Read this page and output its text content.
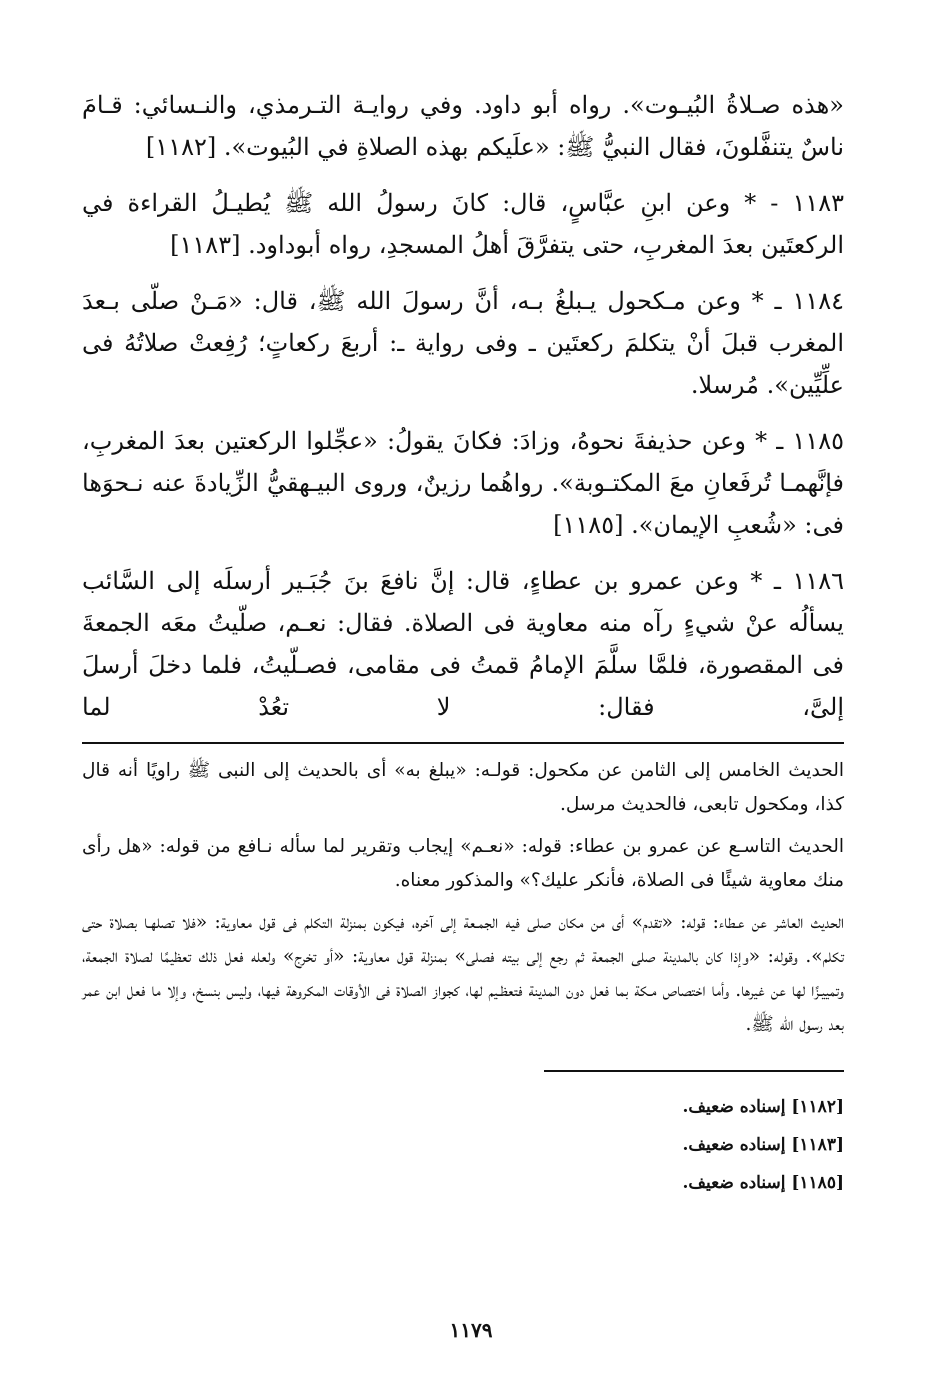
«هذه صـلاةُ البُيـوت». رواه أبو داود. وفي روايـة التـرمذي، والنـسائي: قـامَ ناسٌ يتنفَّلونَ، فقال النبيُّ ﷺ: «علَيكم بهذه الصلاةِ في البُيوت». [١١٨٢]

١١٨٣ - * وعن ابنِ عبَّاسٍ، قال: كانَ رسولُ الله ﷺ يُطيـلُ القراءة في الركعتَين بعدَ المغربِ، حتى يتفرَّقَ أهلُ المسجدِ، رواه أبوداود. [١١٨٣]

١١٨٤ ـ * وعن مـكحول يـبلغُ بـه، أنَّ رسولَ الله ﷺ، قال: «مَـنْ صلّى بـعدَ المغرب قبلَ أنْ يتكلمَ ركعتَين ـ وفى رواية ـ: أربعَ ركعاتٍ؛ رُفِعتْ صلاتُهُ فى علِّيِّين». مُرسلا.

١١٨٥ ـ * وعن حذيفةَ نحوهُ، وزادَ: فكانَ يقولُ: «عجِّلوا الركعتين بعدَ المغربِ، فإنَّهمـا تُرفَعانِ معَ المكتـوبة». رواهُما رزينٌ، وروى البيـهقيُّ الزِّيادةَ عنه نـحوَها فى: «شُعبِ الإيمان». [١١٨٥]

١١٨٦ ـ * وعن عمرو بن عطاءٍ، قال: إنَّ نافعَ بنَ جُبَـير أرسلَه إلى السَّائب يسألُه عنْ شيءٍ رآه منه معاوية فى الصلاة. فقال: نعـم، صلّيتُ معَه الجمعةَ فى المقصورة، فلمَّا سلَّمَ الإمامُ قمتُ فى مقامى، فصـلّيتُ، فلما دخلَ أرسلَ إلىَّ، فقال: لا تعُدْ لما

الحديث الخامس إلى الثامن عن مكحول: قولـه: «يبلغ به» أى بالحديث إلى النبى ﷺ راويًا أنه قال كذا، ومكحول تابعى، فالحديث مرسل.

الحديث التاسـع عن عمرو بن عطاء: قوله: «نعـم» إيجاب وتقرير لما سأله نـافع من قوله: «هل رأى منك معاوية شيئًا فى الصلاة، فأنكر عليك؟» والمذكور معناه.

الحديث العاشر عن عـطاء: قوله: «تقدم» أى من مكان صلى فيه الجمـعة إلى آخره، فيكون بمنزلة التكلم فى قول معاوية: «فلا تصلهـا بصلاة حتى تكلم». وقوله: «وإذا كان بالمدينة صلى الجمعة ثم رجع إلى بيته فصلى» بمنزلة قول معاوية: «أو تخرج» ولعله فعل ذلك تعظيمًا لصلاة الجمعة، وتمييـزًا لها عن غيرها. وأما اختصاص مـكة بما فعل دون المدينة فتعظـيم لها، كجواز الصلاة فى الأوقات المكروهة فيها، وليس بنسخ، وإلا ما فعل ابن عمر بعد رسول الله ﷺ.

[١١٨٢] إسناده ضعيف.

[١١٨٣] إسناده ضعيف.

[١١٨٥] إسناده ضعيف.

١١٧٩
